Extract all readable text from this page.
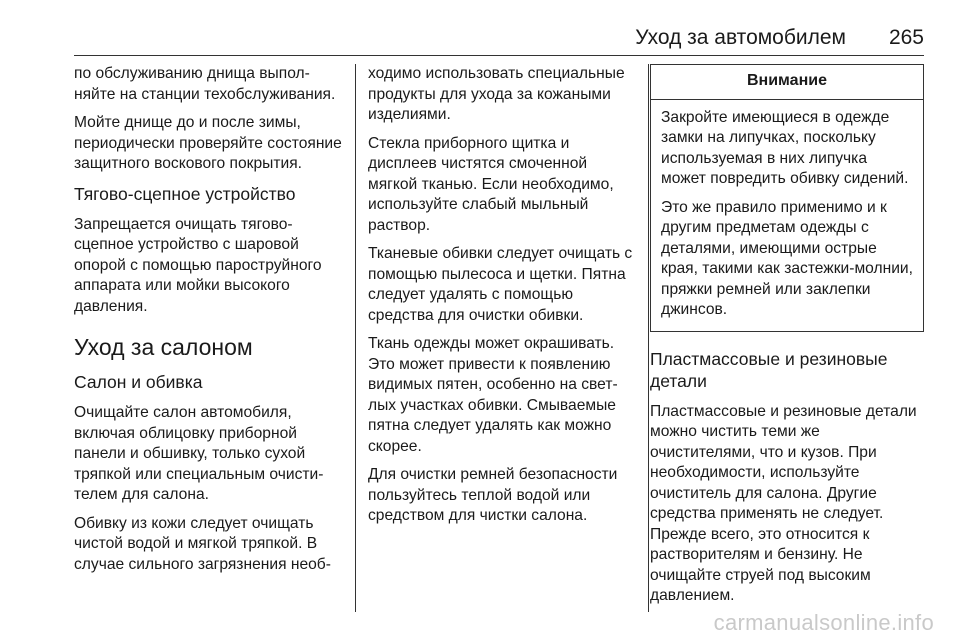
Уход за автомобилем 265

по обслуживанию днища выполняйте на станции техобслуживания.

Мойте днище до и после зимы, периодически проверяйте состояние защитного воскового покрытия.

Тягово-сцепное устройство

Запрещается очищать тягово-сцепное устройство с шаровой опорой с помощью пароструйного аппарата или мойки высокого давления.

Уход за салоном
Салон и обивка

Очищайте салон автомобиля, включая облицовку приборной панели и обшивку, только сухой тряпкой или специальным очистителем для салона.

Обивку из кожи следует очищать чистой водой и мягкой тряпкой. В случае сильного загрязнения необ-

ходимо использовать специальные продукты для ухода за кожаными изделиями.

Стекла приборного щитка и дисплеев чистятся смоченной мягкой тканью. Если необходимо, используйте слабый мыльный раствор.

Тканевые обивки следует очищать с помощью пылесоса и щетки. Пятна следует удалять с помощью средства для очистки обивки.

Ткань одежды может окрашивать. Это может привести к появлению видимых пятен, особенно на светлых участках обивки. Смываемые пятна следует удалять как можно скорее.

Для очистки ремней безопасности пользуйтесь теплой водой или средством для чистки салона.

Внимание

Закройте имеющиеся в одежде замки на липучках, поскольку используемая в них липучка может повредить обивку сидений.

Это же правило применимо и к другим предметам одежды с деталями, имеющими острые края, такими как застежки-молнии, пряжки ремней или заклепки джинсов.

Пластмассовые и резиновые детали

Пластмассовые и резиновые детали можно чистить теми же очистителями, что и кузов. При необходимости, используйте очиститель для салона. Другие средства применять не следует. Прежде всего, это относится к растворителям и бензину. Не очищайте струей под высоким давлением.

carmanualsonline.info
